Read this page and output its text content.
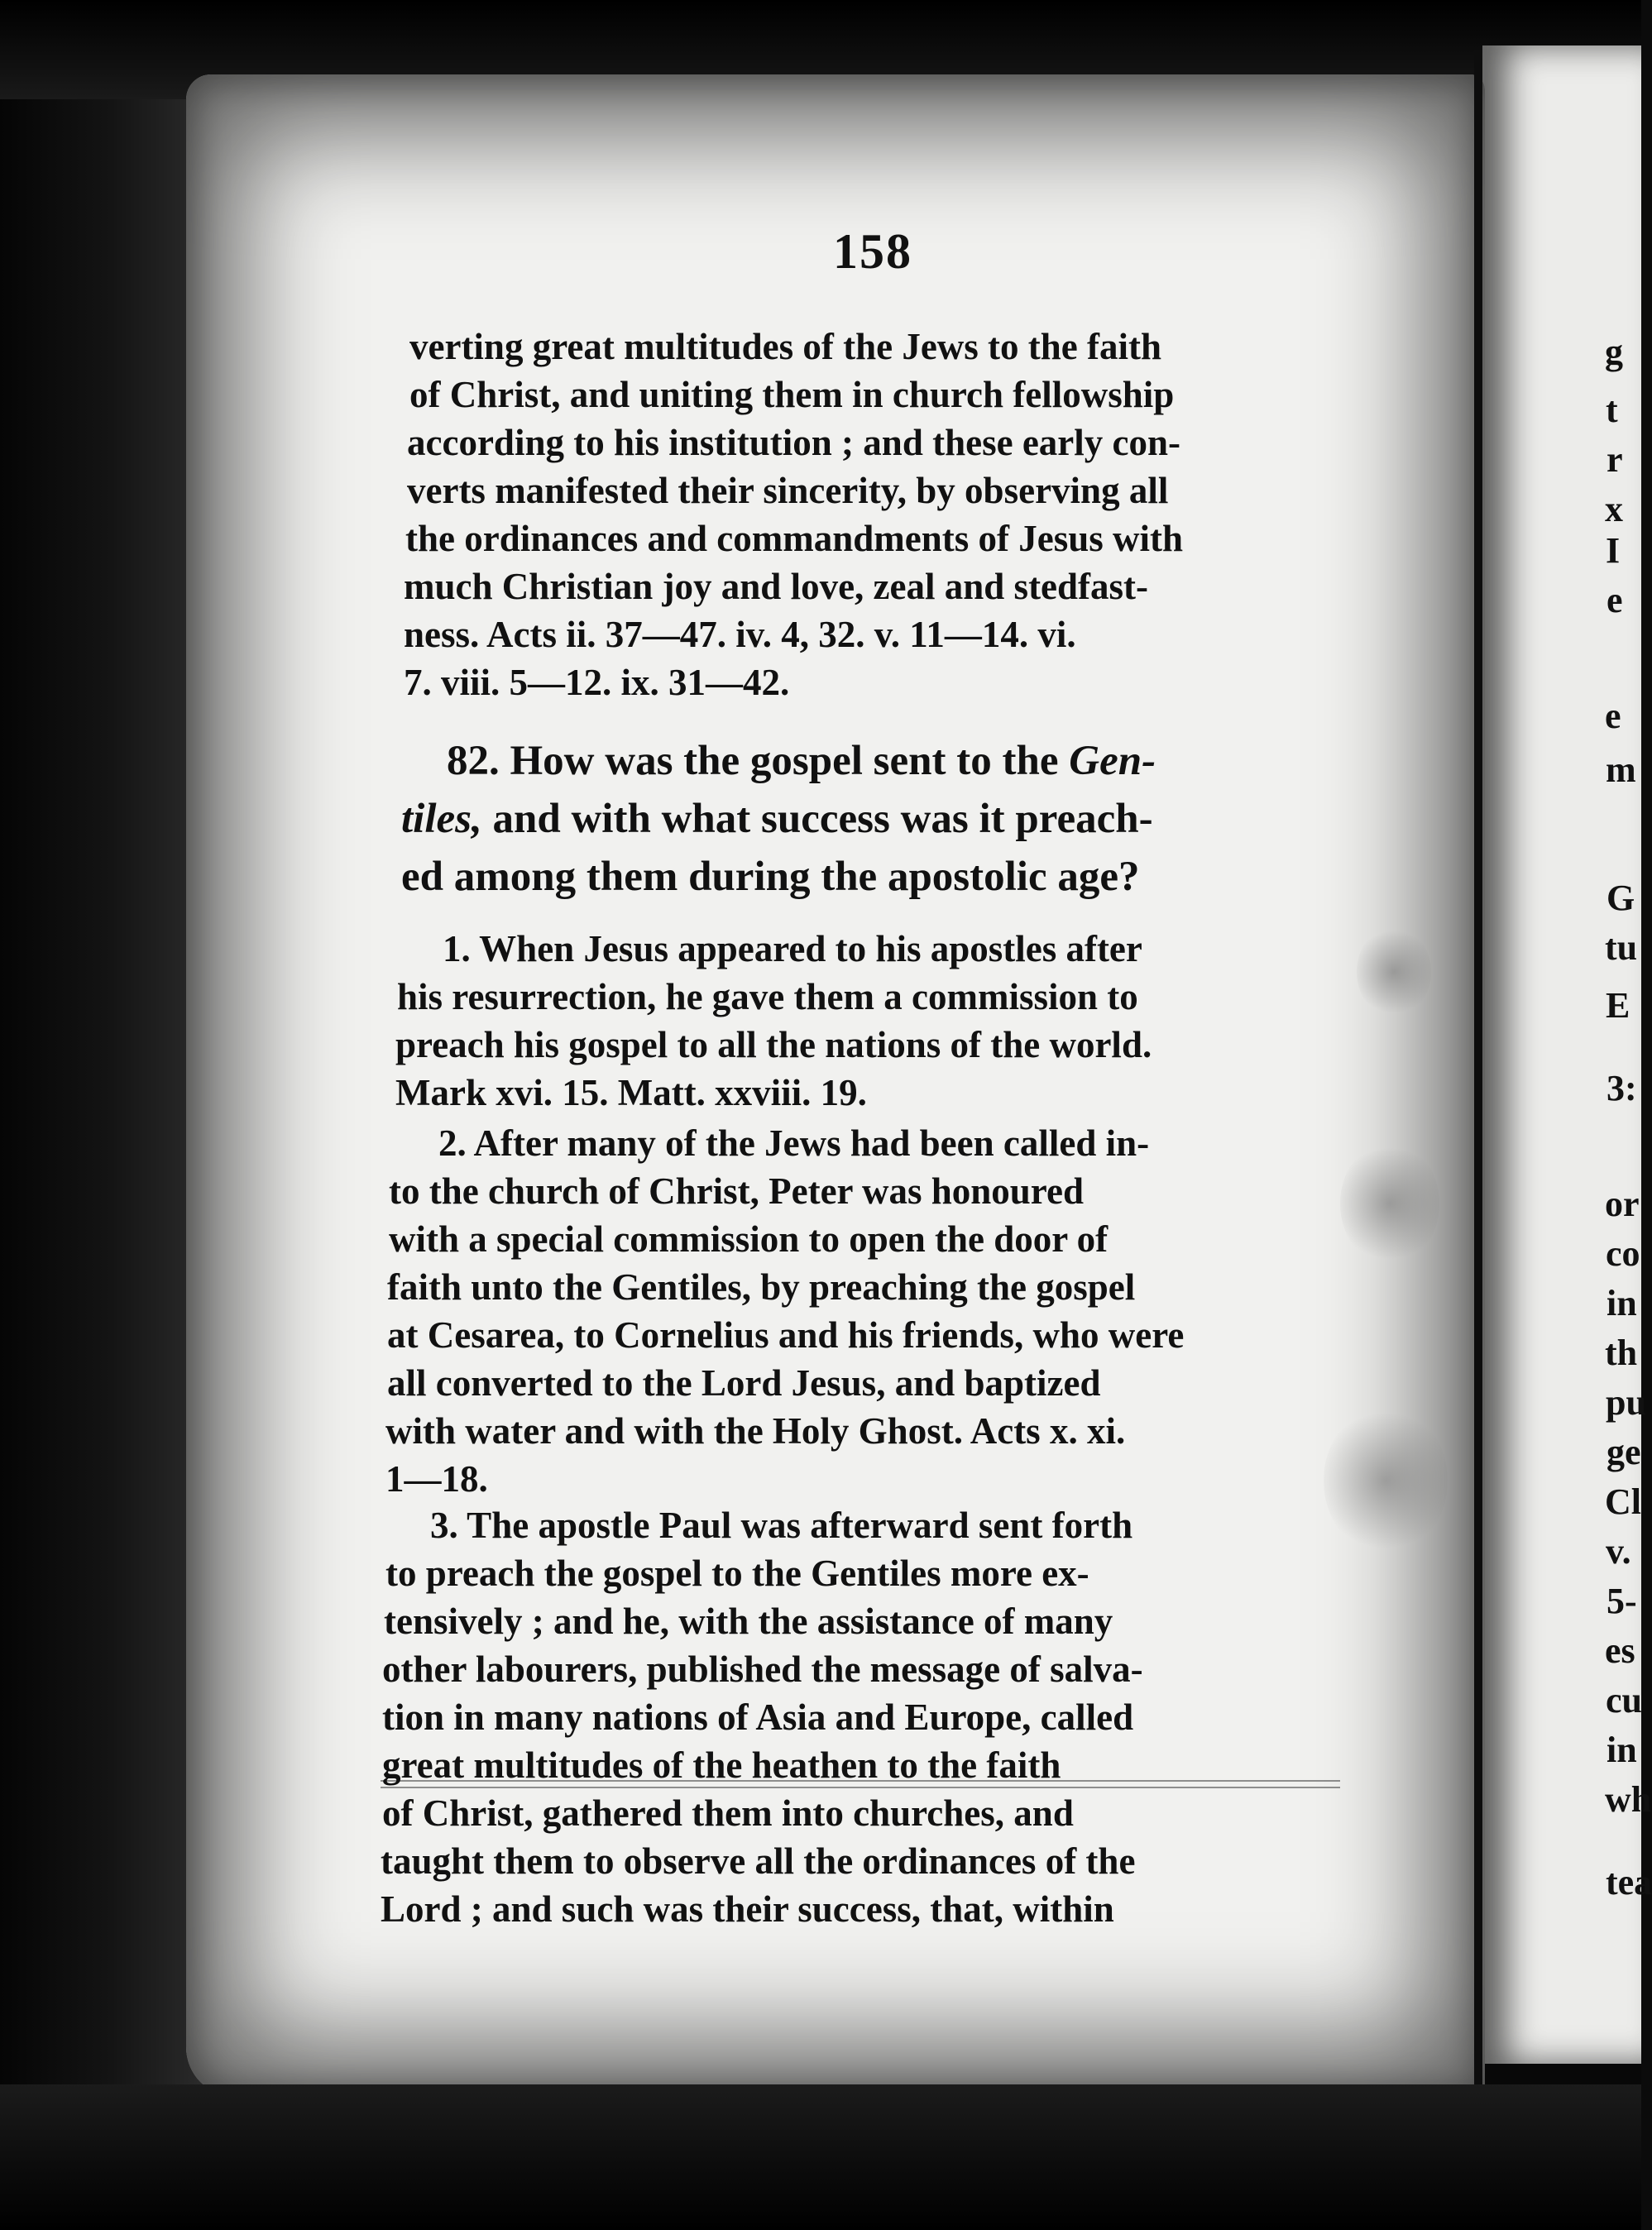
g
t
r
x
I
e
e
m
G
tu
E
3:
or
co
in
th
pu
ge
Cl
v.
5-
es
cu
in
wh
tea
158
verting great multitudes of the Jews to the faith
of Christ, and uniting them in church fellowship
according to his institution ; and these early con-
verts manifested their sincerity, by observing all
the ordinances and commandments of Jesus with
much Christian joy and love, zeal and stedfast-
ness. Acts ii. 37—47. iv. 4, 32. v. 11—14. vi.
7. viii. 5—12. ix. 31—42.
82. How was the gospel sent to the Gen-
tiles, and with what success was it preach-
ed among them during the apostolic age?
1. When Jesus appeared to his apostles after
his resurrection, he gave them a commission to
preach his gospel to all the nations of the world.
Mark xvi. 15. Matt. xxviii. 19.
2. After many of the Jews had been called in-
to the church of Christ, Peter was honoured
with a special commission to open the door of
faith unto the Gentiles, by preaching the gospel
at Cesarea, to Cornelius and his friends, who were
all converted to the Lord Jesus, and baptized
with water and with the Holy Ghost. Acts x. xi.
1—18.
3. The apostle Paul was afterward sent forth
to preach the gospel to the Gentiles more ex-
tensively ; and he, with the assistance of many
other labourers, published the message of salva-
tion in many nations of Asia and Europe, called
great multitudes of the heathen to the faith
of Christ, gathered them into churches, and
taught them to observe all the ordinances of the
Lord ; and such was their success, that, within
